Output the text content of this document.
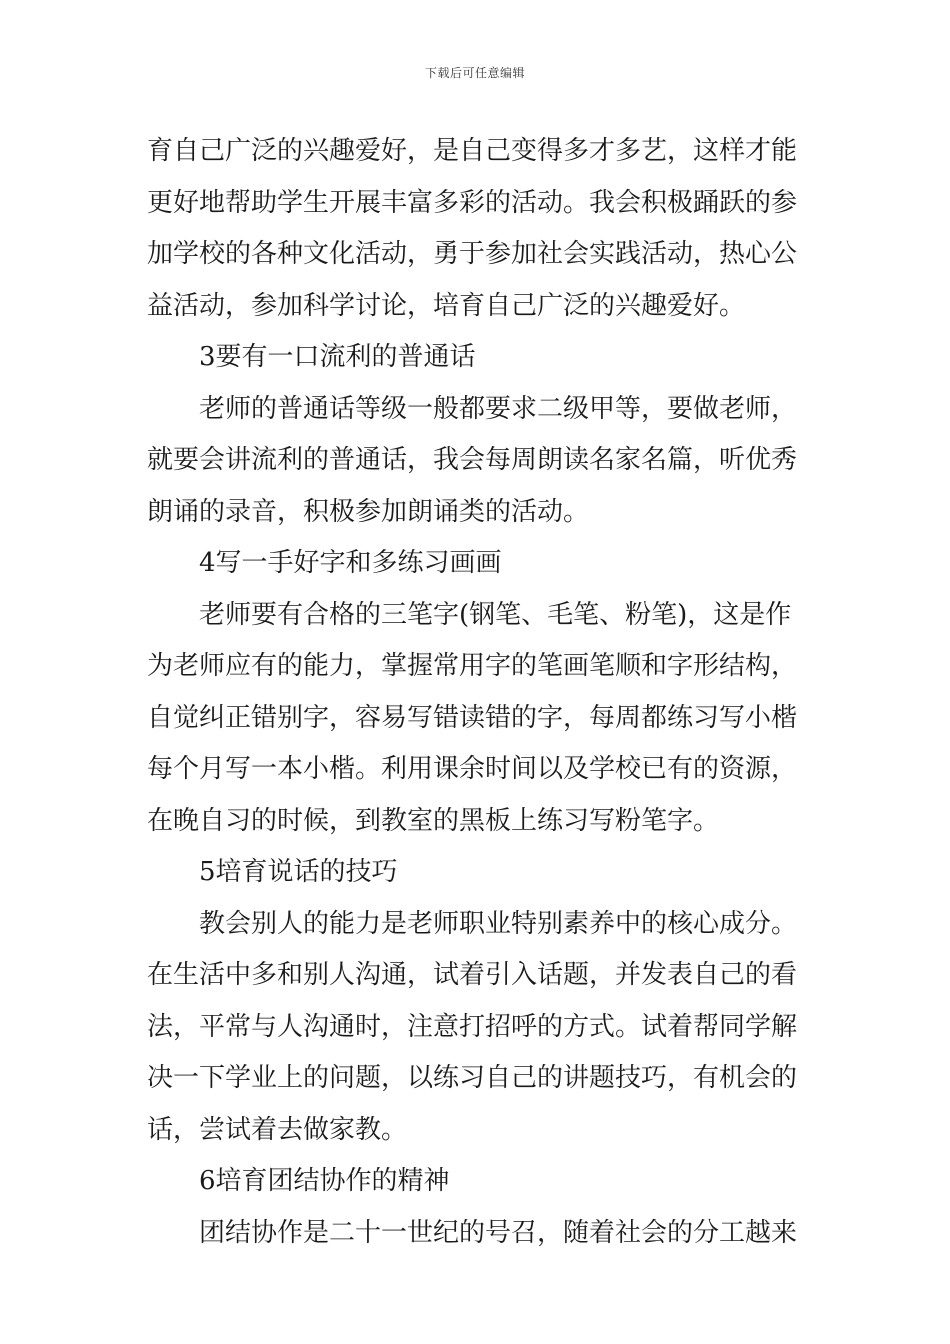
下载后可任意编辑
育自己广泛的兴趣爱好，是自己变得多才多艺，这样才能
更好地帮助学生开展丰富多彩的活动。我会积极踊跃的参
加学校的各种文化活动，勇于参加社会实践活动，热心公
益活动，参加科学讨论，培育自己广泛的兴趣爱好。
3要有一口流利的普通话
老师的普通话等级一般都要求二级甲等，要做老师，
就要会讲流利的普通话，我会每周朗读名家名篇，听优秀
朗诵的录音，积极参加朗诵类的活动。
4写一手好字和多练习画画
老师要有合格的三笔字(钢笔、毛笔、粉笔)，这是作
为老师应有的能力，掌握常用字的笔画笔顺和字形结构，
自觉纠正错别字，容易写错读错的字，每周都练习写小楷
每个月写一本小楷。利用课余时间以及学校已有的资源，
在晚自习的时候，到教室的黑板上练习写粉笔字。
5培育说话的技巧
教会别人的能力是老师职业特别素养中的核心成分。
在生活中多和别人沟通，试着引入话题，并发表自己的看
法，平常与人沟通时，注意打招呼的方式。试着帮同学解
决一下学业上的问题，以练习自己的讲题技巧，有机会的
话，尝试着去做家教。
6培育团结协作的精神
团结协作是二十一世纪的号召，随着社会的分工越来
